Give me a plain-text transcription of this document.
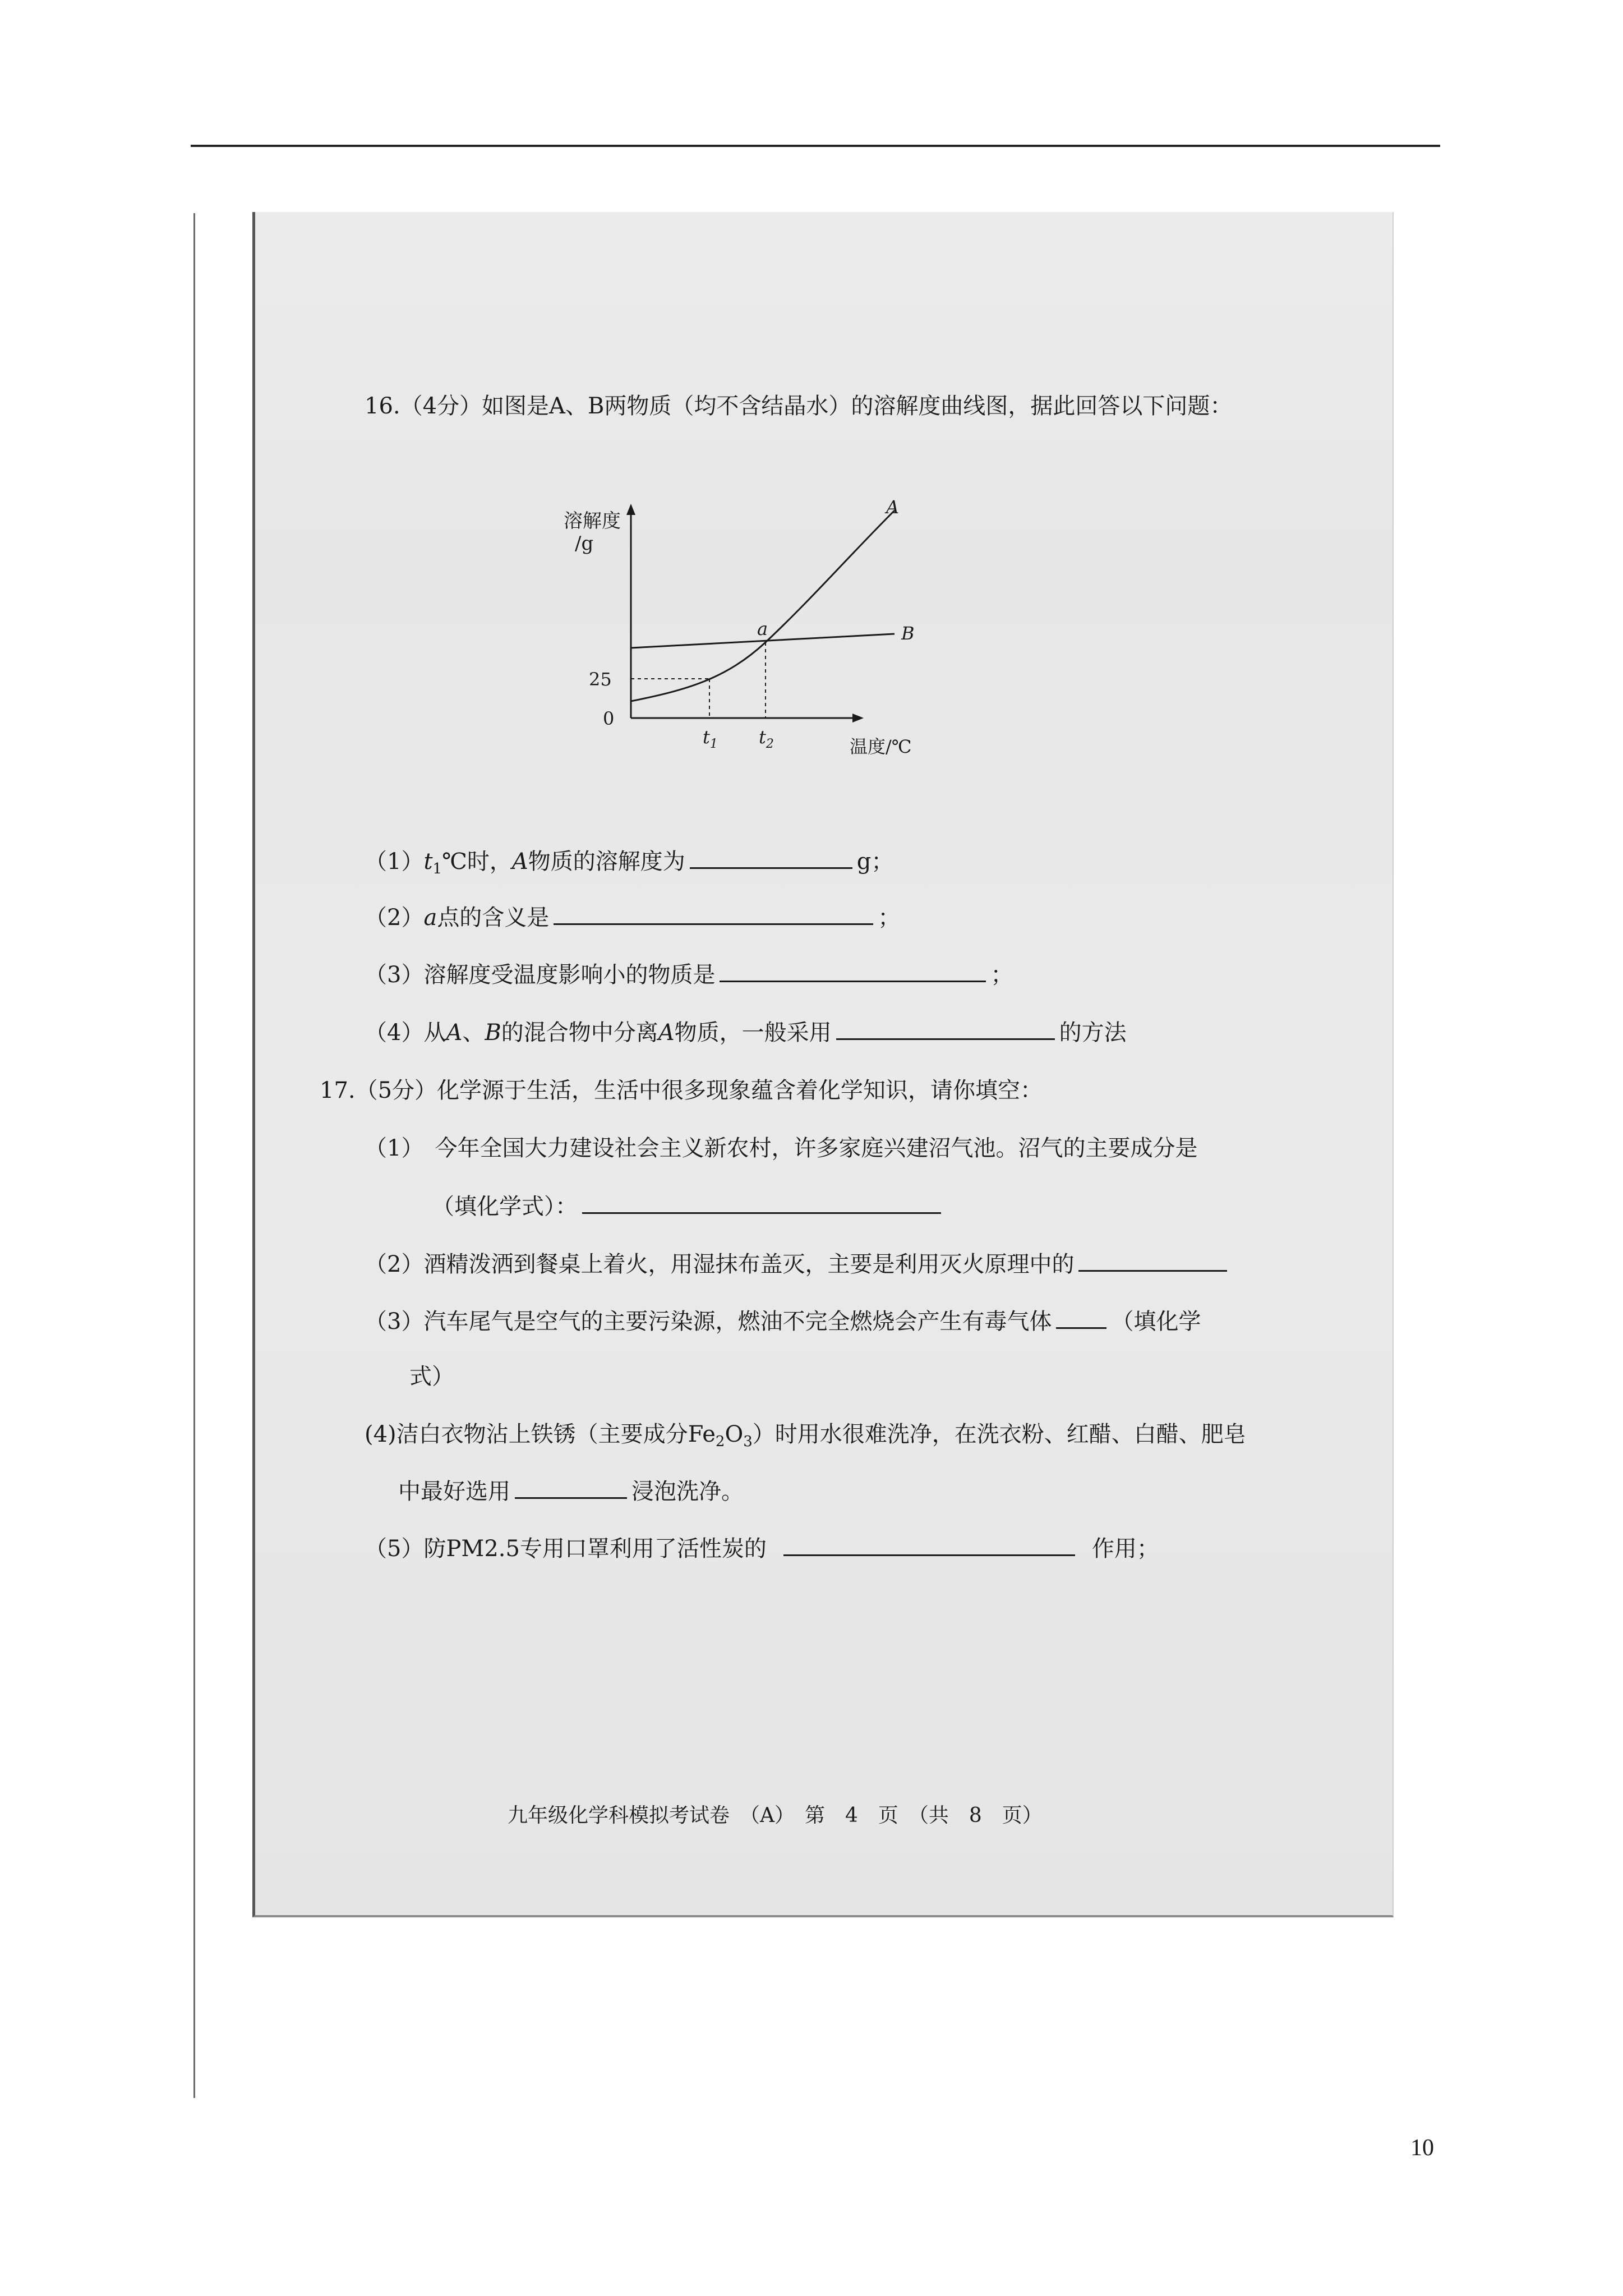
16.（4分）如图是A、B两物质（均不含结晶水）的溶解度曲线图，据此回答以下问题：
溶解度
/g
25
0
$t_1$ $t_2$	温度/℃
A
B
a
$(1)t_1℃$时，A物质的溶解度为	g；
（2）a点的含义是	；
（3）溶解度受温度影响小的物质是	；
（4）从A、B的混合物中分离A物质，一般采用	的方法
17.（5分）化学源于生活，生活中很多现象蕴含着化学知识，请你填空：
（1）　今年全国大力建设社会主义新农村，许多家庭兴建沼气池。沼气的主要成分是
（填化学式）：
（2）酒精泼洒到餐桌上着火，用湿抹布盖灭，主要是利用灭火原理中的
（3）汽车尾气是空气的主要污染源，燃油不完全燃烧会产生有毒气体	（填化学
式）
(4)洁白衣物沾上铁锈（主要成分$Fe_2O_3$）时用水很难洗净，在洗衣粉、红醋、白醋、肥皂
中最好选用	浸泡洗净。
（5）防PM2.5专用口罩利用了活性炭的	作用；
九年级化学科模拟考试卷　（A）　第　4　页　（共　8　页）
10
